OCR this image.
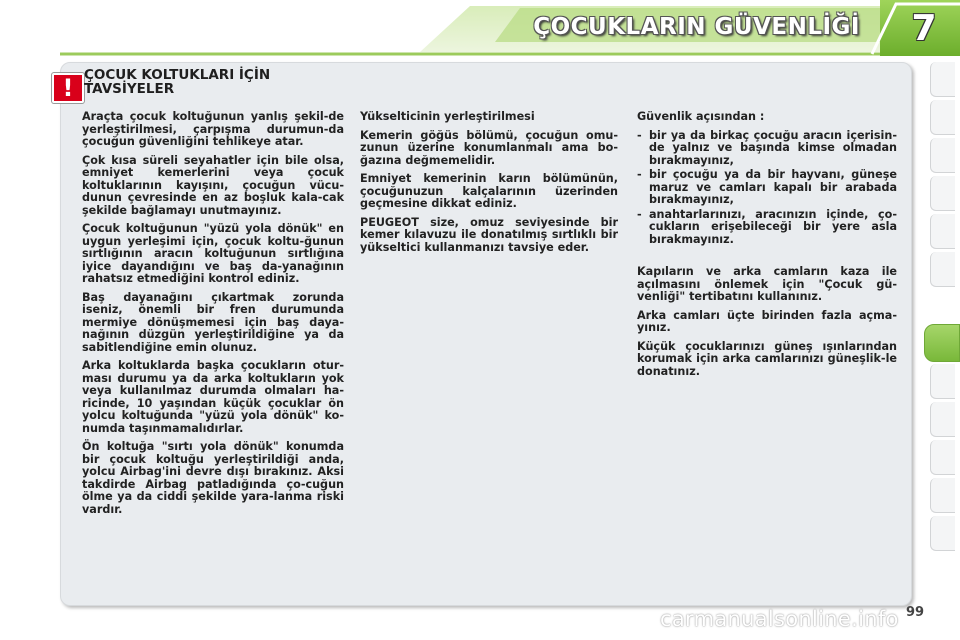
ÇOCUKLARIN GÜVENLİĞİ	7
! ÇOCUK KOLTUKLARI İÇİN
TAVSİYELER

Araçta çocuk koltuğunun yanlış şekil-de yerleştirilmesi, çarpışma durumun-da çocuğun güvenliğini tehlikeye atar.

Çok kısa süreli seyahatler için bile olsa, emniyet kemerlerini veya çocuk koltuklarının kayışını, çocuğun vücu-dunun çevresinde en az boşluk kala-cak şekilde bağlamayı unutmayınız.

Çocuk koltuğunun "yüzü yola dönük" en uygun yerleşimi için, çocuk koltu-ğunun sırtlığının aracın koltuğunun sırtlığına iyice dayandığını ve baş da-yanağının rahatsız etmediğini kontrol ediniz.

Baş dayanağını çıkartmak zorunda iseniz, önemli bir fren durumunda mermiye dönüşmemesi için baş daya-nağının düzgün yerleştirildiğine ya da sabitlendiğine emin olunuz.

Arka koltuklarda başka çocukların otur-ması durumu ya da arka koltukların yok veya kullanılmaz durumda olmaları ha-ricinde, 10 yaşından küçük çocuklar ön yolcu koltuğunda "yüzü yola dönük" ko-numda taşınmamalıdırlar.

Ön koltuğa "sırtı yola dönük" konumda bir çocuk koltuğu yerleştirildiği anda, yolcu Airbag'ini devre dışı bırakınız. Aksi takdirde Airbag patladığında ço-cuğun ölme ya da ciddi şekilde yara-lanma riski vardır.

Yükselticinin yerleştirilmesi

Kemerin göğüs bölümü, çocuğun omu-zunun üzerine konumlanmalı ama bo-ğazına değmemelidir.

Emniyet kemerinin karın bölümünün, çocuğunuzun kalçalarının üzerinden geçmesine dikkat ediniz.

PEUGEOT size, omuz seviyesinde bir kemer kılavuzu ile donatılmış sırtlıklı bir yükseltici kullanmanızı tavsiye eder.

Güvenlik açısından :

- bir ya da birkaç çocuğu aracın içerisin-de yalnız ve başında kimse olmadan bırakmayınız,
- bir çocuğu ya da bir hayvanı, güneşe maruz ve camları kapalı bir arabada bırakmayınız,
- anahtarlarınızı, aracınızın içinde, ço-cukların erişebileceği bir yere asla bırakmayınız.

Kapıların ve arka camların kaza ile açılmasını önlemek için "Çocuk gü-venliği" tertibatını kullanınız.

Arka camları üçte birinden fazla açma-yınız.

Küçük çocuklarınızı güneş ışınlarından korumak için arka camlarınızı güneşlik-le donatınız.

carmanualsonline.info 99
